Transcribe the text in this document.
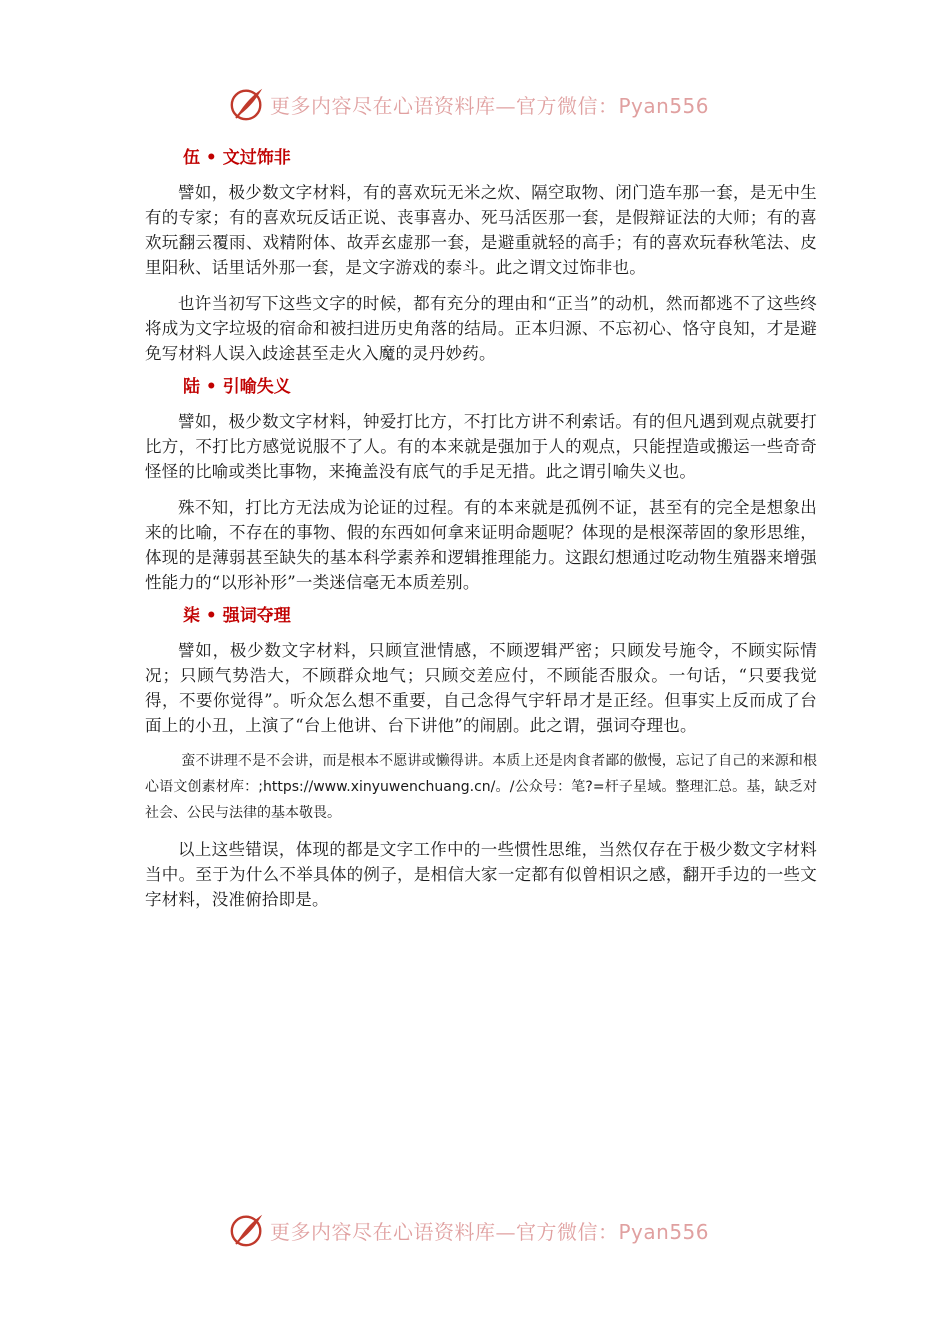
更多内容尽在心语资料库—官方微信：Pyan556
伍 • 文过饰非

譬如，极少数文字材料，有的喜欢玩无米之炊、隔空取物、闭门造车那一套，是无中生有的专家；有的喜欢玩反话正说、丧事喜办、死马活医那一套，是假辩证法的大师；有的喜欢玩翻云覆雨、戏精附体、故弄玄虚那一套，是避重就轻的高手；有的喜欢玩春秋笔法、皮里阳秋、话里话外那一套，是文字游戏的泰斗。此之谓文过饰非也。

也许当初写下这些文字的时候，都有充分的理由和“正当”的动机，然而都逃不了这些终将成为文字垃圾的宿命和被扫进历史角落的结局。正本归源、不忘初心、恪守良知，才是避免写材料人误入歧途甚至走火入魔的灵丹妙药。

陆 • 引喻失义

譬如，极少数文字材料，钟爱打比方，不打比方讲不利索话。有的但凡遇到观点就要打比方，不打比方感觉说服不了人。有的本来就是强加于人的观点，只能捏造或搬运一些奇奇怪怪的比喻或类比事物，来掩盖没有底气的手足无措。此之谓引喻失义也。

殊不知，打比方无法成为论证的过程。有的本来就是孤例不证，甚至有的完全是想象出来的比喻，不存在的事物、假的东西如何拿来证明命题呢？体现的是根深蒂固的象形思维，体现的是薄弱甚至缺失的基本科学素养和逻辑推理能力。这跟幻想通过吃动物生殖器来增强性能力的“以形补形”一类迷信毫无本质差别。

柒 • 强词夺理

譬如，极少数文字材料，只顾宣泄情感，不顾逻辑严密；只顾发号施令，不顾实际情况；只顾气势浩大，不顾群众地气；只顾交差应付，不顾能否服众。一句话，“只要我觉得，不要你觉得”。听众怎么想不重要，自己念得气宇轩昂才是正经。但事实上反而成了台面上的小丑，上演了“台上他讲、台下讲他”的闹剧。此之谓，强词夺理也。

蛮不讲理不是不会讲，而是根本不愿讲或懒得讲。本质上还是肉食者鄙的傲慢，忘记了自己的来源和根心语文创素材库：;https://www.xinyuwenchuang.cn/。/公众号：笔?=杆子星域。整理汇总。基，缺乏对社会、公民与法律的基本敬畏。

以上这些错误，体现的都是文字工作中的一些惯性思维，当然仅存在于极少数文字材料当中。至于为什么不举具体的例子，是相信大家一定都有似曾相识之感，翻开手边的一些文字材料，没准俯拾即是。

更多内容尽在心语资料库—官方微信：Pyan556
